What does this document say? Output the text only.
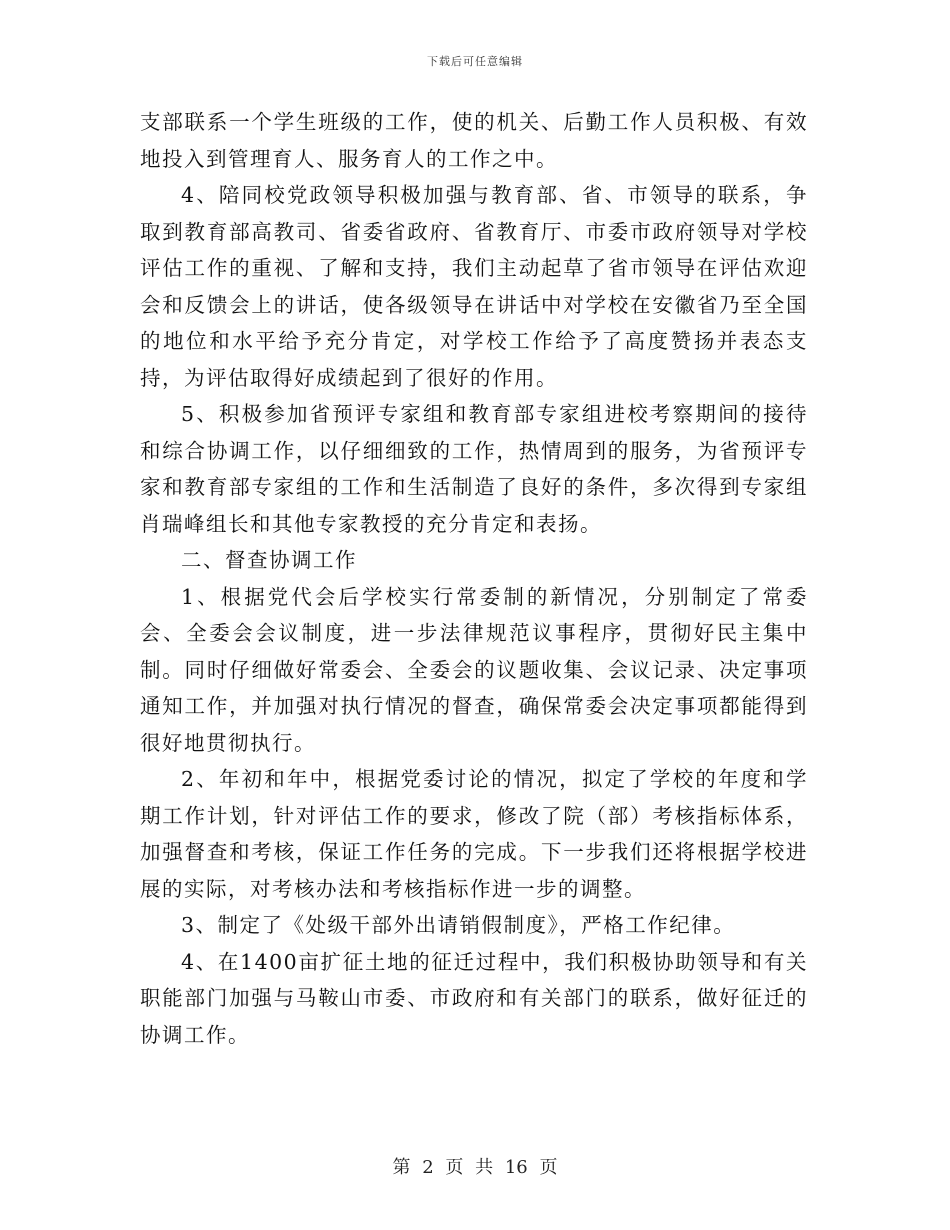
下载后可任意编辑

支部联系一个学生班级的工作，使的机关、后勤工作人员积极、有效地投入到管理育人、服务育人的工作之中。

4、陪同校党政领导积极加强与教育部、省、市领导的联系，争取到教育部高教司、省委省政府、省教育厅、市委市政府领导对学校评估工作的重视、了解和支持，我们主动起草了省市领导在评估欢迎会和反馈会上的讲话，使各级领导在讲话中对学校在安徽省乃至全国的地位和水平给予充分肯定，对学校工作给予了高度赞扬并表态支持，为评估取得好成绩起到了很好的作用。

5、积极参加省预评专家组和教育部专家组进校考察期间的接待和综合协调工作，以仔细细致的工作，热情周到的服务，为省预评专家和教育部专家组的工作和生活制造了良好的条件，多次得到专家组肖瑞峰组长和其他专家教授的充分肯定和表扬。

二、督查协调工作

1、根据党代会后学校实行常委制的新情况，分别制定了常委会、全委会会议制度，进一步法律规范议事程序，贯彻好民主集中制。同时仔细做好常委会、全委会的议题收集、会议记录、决定事项通知工作，并加强对执行情况的督查，确保常委会决定事项都能得到很好地贯彻执行。

2、年初和年中，根据党委讨论的情况，拟定了学校的年度和学期工作计划，针对评估工作的要求，修改了院（部）考核指标体系，加强督查和考核，保证工作任务的完成。下一步我们还将根据学校进展的实际，对考核办法和考核指标作进一步的调整。

3、制定了《处级干部外出请销假制度》，严格工作纪律。

4、在1400亩扩征土地的征迁过程中，我们积极协助领导和有关职能部门加强与马鞍山市委、市政府和有关部门的联系，做好征迁的协调工作。

第 2 页 共 16 页
